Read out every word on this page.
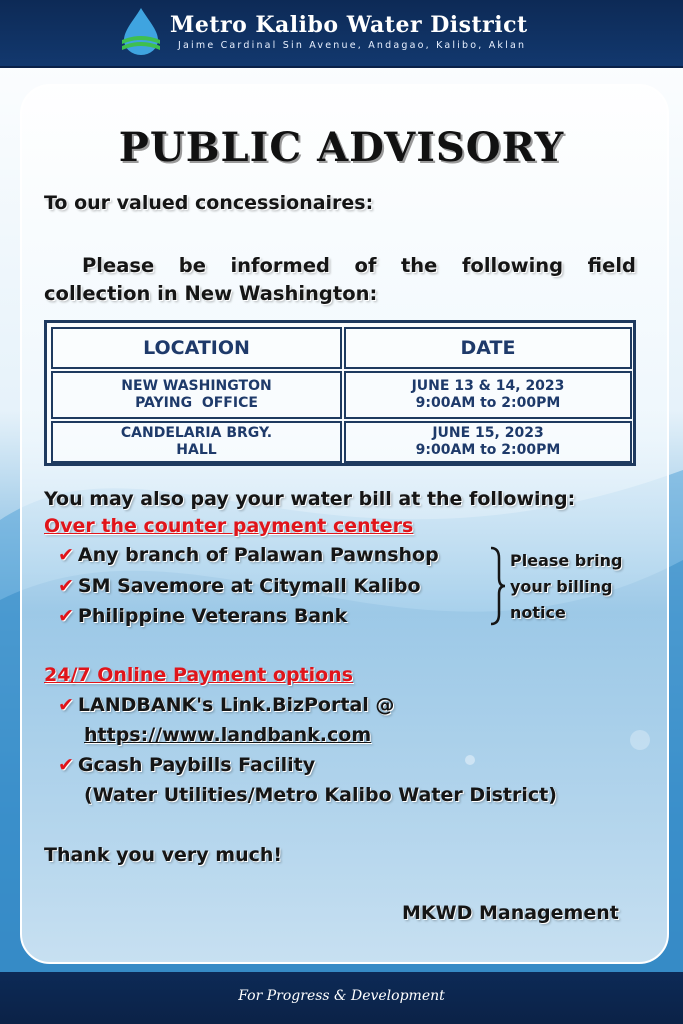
Metro Kalibo Water District
Jaime Cardinal Sin Avenue, Andagao, Kalibo, Aklan
PUBLIC ADVISORY
To our valued concessionaires:
Please be informed of the following field collection in New Washington:
LOCATION	DATE
NEW WASHINGTON
PAYING  OFFICE
JUNE 13 & 14, 2023
9:00AM to 2:00PM
CANDELARIA BRGY.
HALL
JUNE 15, 2023
9:00AM to 2:00PM
You may also pay your water bill at the following:
Over the counter payment centers
✔ Any branch of Palawan Pawnshop
✔ SM Savemore at Citymall Kalibo
✔ Philippine Veterans Bank
Please bring
your billing
notice
24/7 Online Payment options
✔ LANDBANK's Link.BizPortal @
https://www.landbank.com
✔ Gcash Paybills Facility
(Water Utilities/Metro Kalibo Water District)
Thank you very much!
MKWD Management
For Progress & Development
